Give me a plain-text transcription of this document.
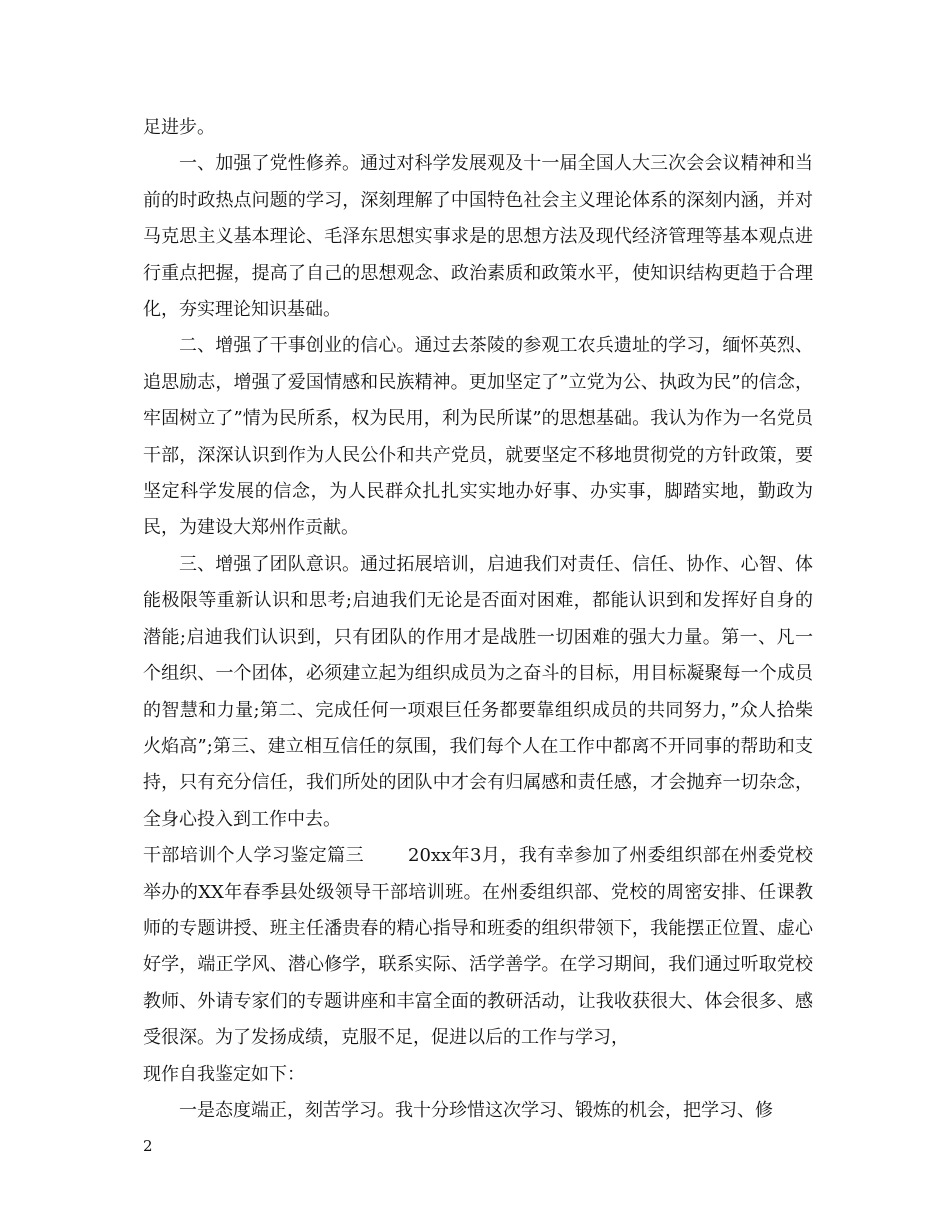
足进步。

一、加强了党性修养。通过对科学发展观及十一届全国人大三次会会议精神和当前的时政热点问题的学习，深刻理解了中国特色社会主义理论体系的深刻内涵，并对马克思主义基本理论、毛泽东思想实事求是的思想方法及现代经济管理等基本观点进行重点把握，提高了自己的思想观念、政治素质和政策水平，使知识结构更趋于合理化，夯实理论知识基础。

二、增强了干事创业的信心。通过去茶陵的参观工农兵遗址的学习，缅怀英烈、追思励志，增强了爱国情感和民族精神。更加坚定了”立党为公、执政为民”的信念，牢固树立了”情为民所系，权为民用，利为民所谋”的思想基础。我认为作为一名党员干部，深深认识到作为人民公仆和共产党员，就要坚定不移地贯彻党的方针政策，要坚定科学发展的信念，为人民群众扎扎实实地办好事、办实事，脚踏实地，勤政为民，为建设大郑州作贡献。

三、增强了团队意识。通过拓展培训，启迪我们对责任、信任、协作、心智、体能极限等重新认识和思考;启迪我们无论是否面对困难，都能认识到和发挥好自身的潜能;启迪我们认识到，只有团队的作用才是战胜一切困难的强大力量。第一、凡一个组织、一个团体，必须建立起为组织成员为之奋斗的目标，用目标凝聚每一个成员的智慧和力量;第二、完成任何一项艰巨任务都要靠组织成员的共同努力，”众人拾柴火焰高”;第三、建立相互信任的氛围，我们每个人在工作中都离不开同事的帮助和支持，只有充分信任，我们所处的团队中才会有归属感和责任感，才会抛弃一切杂念，全身心投入到工作中去。

干部培训个人学习鉴定篇三 20xx年3月，我有幸参加了州委组织部在州委党校举办的XX年春季县处级领导干部培训班。在州委组织部、党校的周密安排、任课教师的专题讲授、班主任潘贵春的精心指导和班委的组织带领下，我能摆正位置、虚心好学，端正学风、潜心修学，联系实际、活学善学。在学习期间，我们通过听取党校教师、外请专家们的专题讲座和丰富全面的教研活动，让我收获很大、体会很多、感受很深。为了发扬成绩，克服不足，促进以后的工作与学习，

现作自我鉴定如下：

一是态度端正，刻苦学习。我十分珍惜这次学习、锻炼的机会，把学习、修

2
